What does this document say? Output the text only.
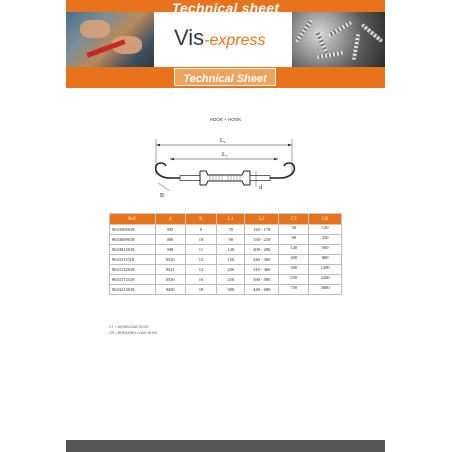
Technical sheet
Vis-express
Technical Sheet
HOOK + HOOK
L₂
L₁
B
d
Ref.	d	B	L1	L2	CT	CR
9633505018	M5	9	70	120 - 178	30	120
9633609018	M6	10	90	150 - 218	80	320
9633812018	M8	11	120	200 - 290	140	560
9633111518	M10	12	150	240 - 360	200	800
9633132018	M12	14	200	310 - 460	300	1200
9633172518	M16	16	250	390 - 580	550	2200
9633213018	M20	18	300	440 - 680	750	3000
CT = WORKLOAD IN KG
CR = BREAKING LOAD IN KG
